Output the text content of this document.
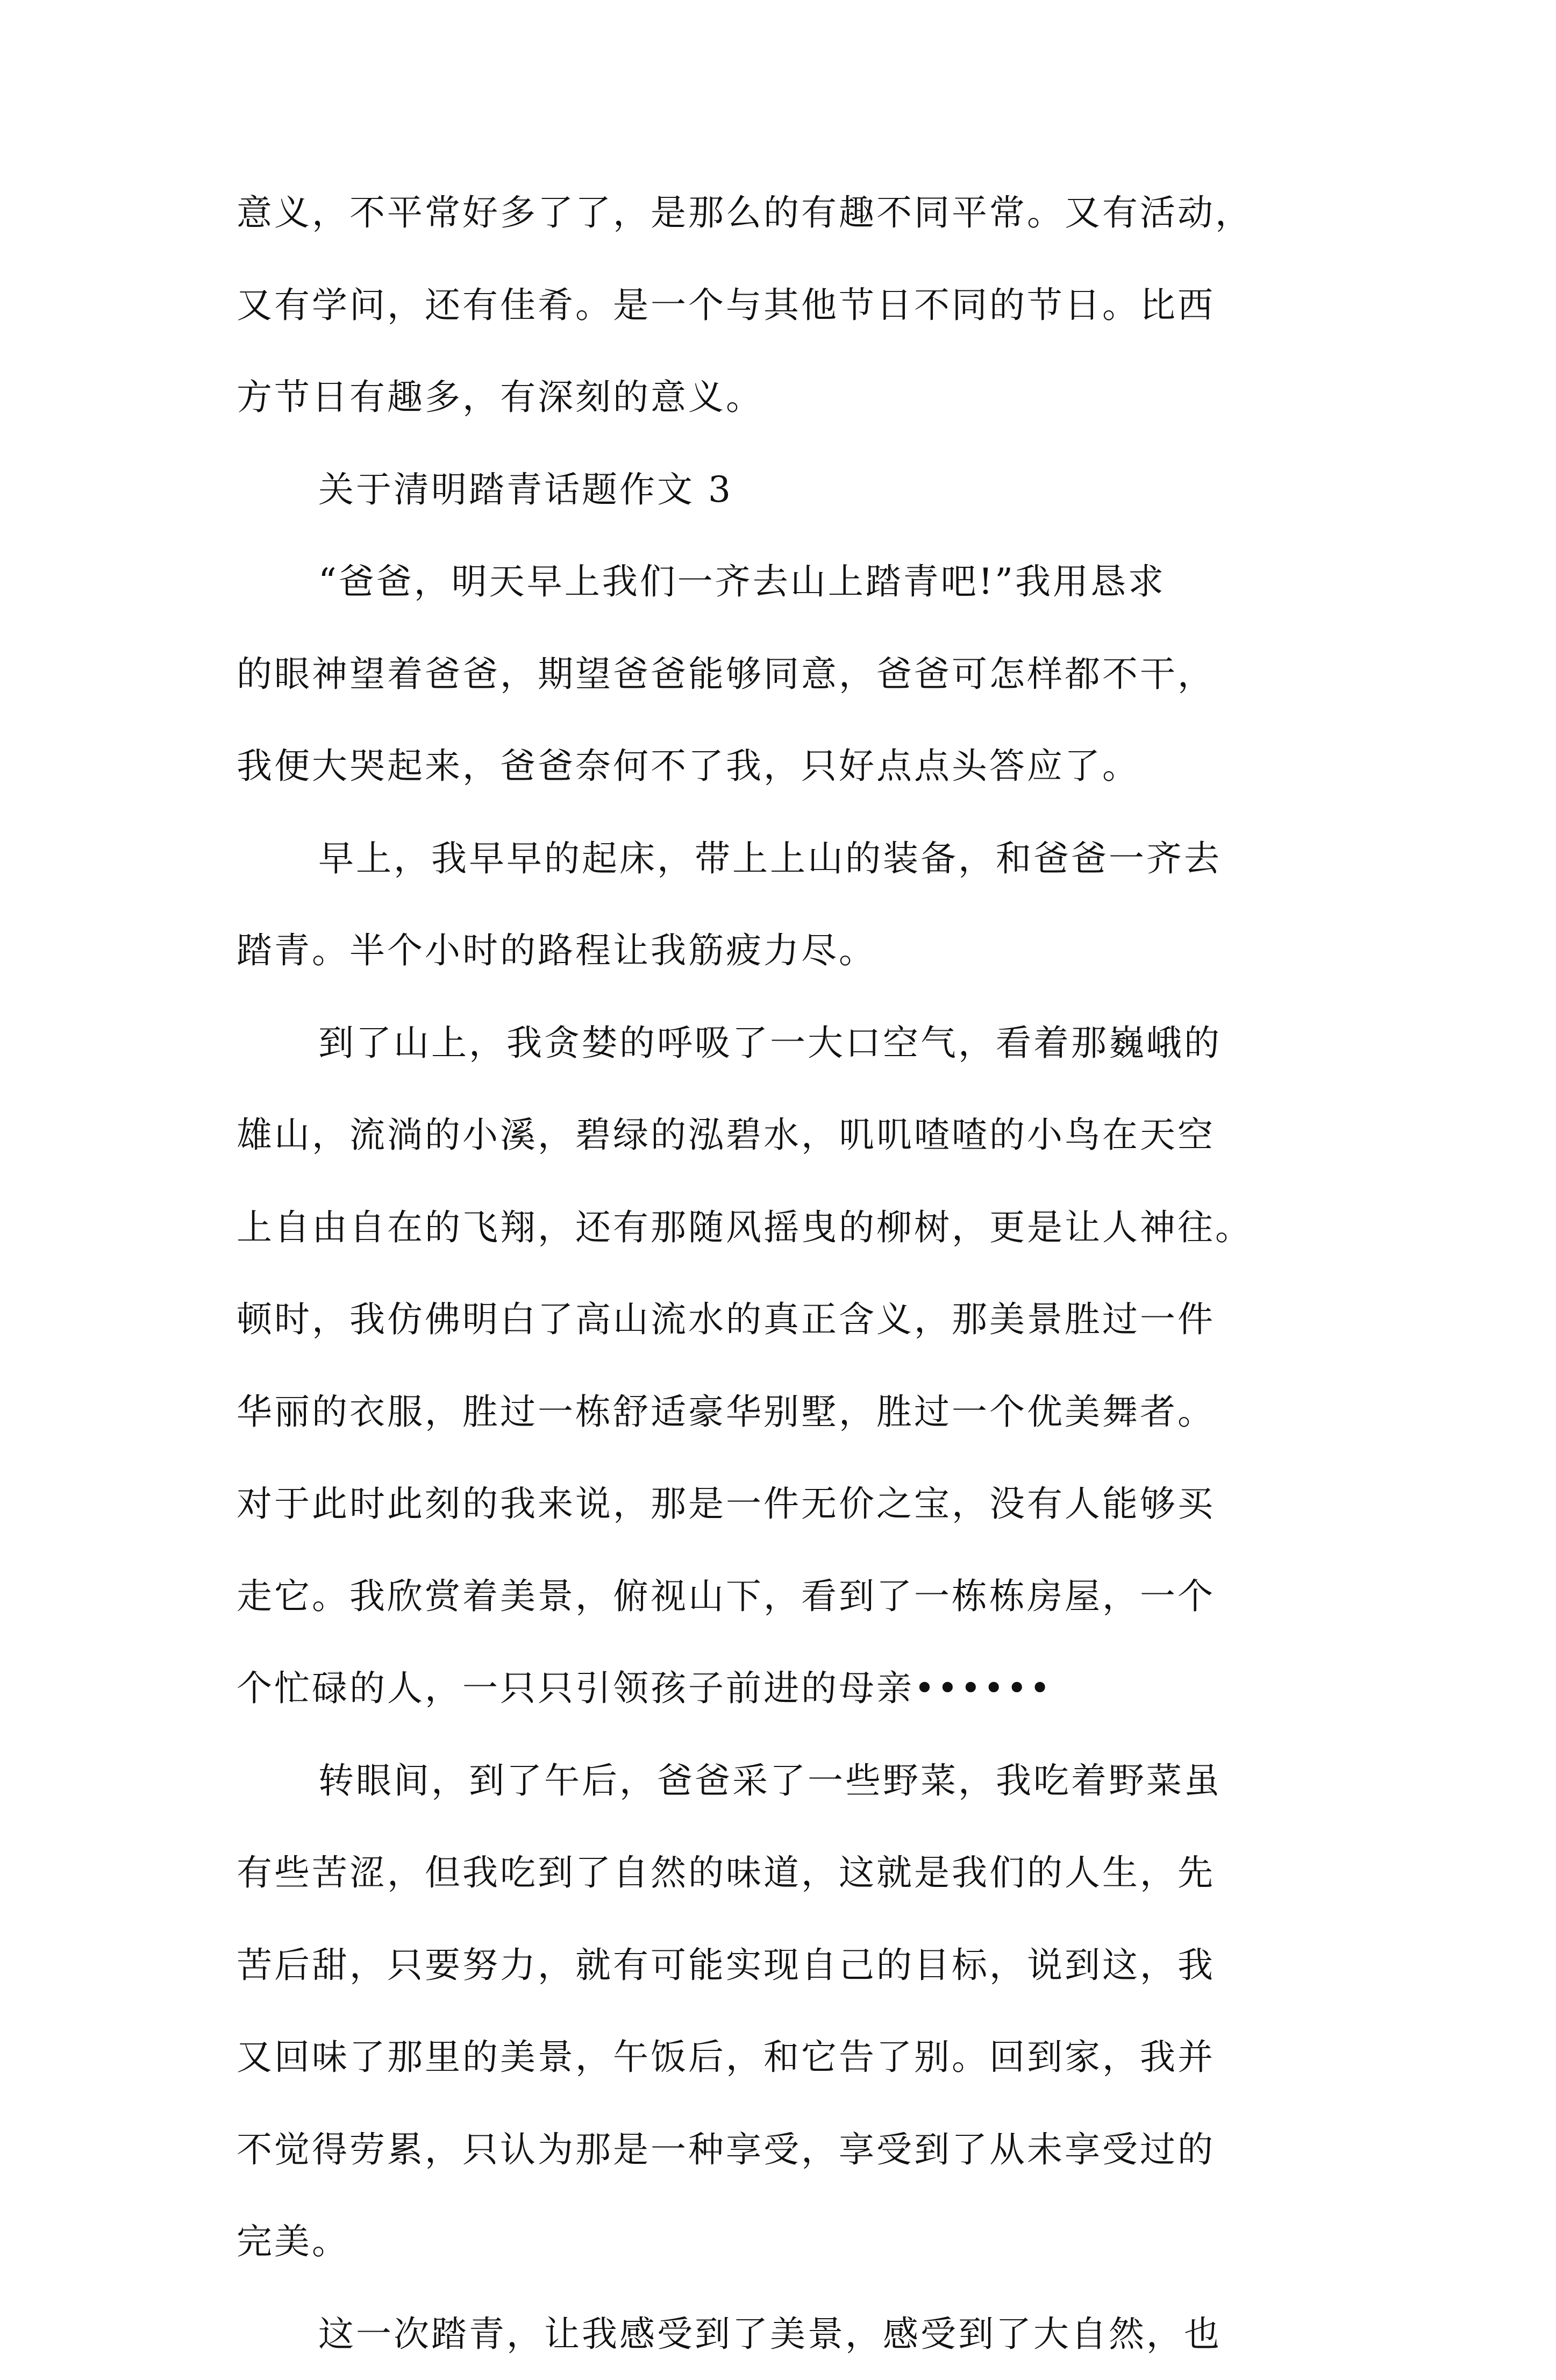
意义，不平常好多了了，是那么的有趣不同平常。又有活动，
又有学问，还有佳肴。是一个与其他节日不同的节日。比西
方节日有趣多，有深刻的意义。
关于清明踏青话题作文 3
“爸爸，明天早上我们一齐去山上踏青吧!”我用恳求
的眼神望着爸爸，期望爸爸能够同意，爸爸可怎样都不干，
我便大哭起来，爸爸奈何不了我，只好点点头答应了。
早上，我早早的起床，带上上山的装备，和爸爸一齐去
踏青。半个小时的路程让我筋疲力尽。
到了山上，我贪婪的呼吸了一大口空气，看着那巍峨的
雄山，流淌的小溪，碧绿的泓碧水，叽叽喳喳的小鸟在天空
上自由自在的飞翔，还有那随风摇曳的柳树，更是让人神往。
顿时，我仿佛明白了高山流水的真正含义，那美景胜过一件
华丽的衣服，胜过一栋舒适豪华别墅，胜过一个优美舞者。
对于此时此刻的我来说，那是一件无价之宝，没有人能够买
走它。我欣赏着美景，俯视山下，看到了一栋栋房屋，一个
个忙碌的人，一只只引领孩子前进的母亲••••••
转眼间，到了午后，爸爸采了一些野菜，我吃着野菜虽
有些苦涩，但我吃到了自然的味道，这就是我们的人生，先
苦后甜，只要努力，就有可能实现自己的目标，说到这，我
又回味了那里的美景，午饭后，和它告了别。回到家，我并
不觉得劳累，只认为那是一种享受，享受到了从未享受过的
完美。
这一次踏青，让我感受到了美景，感受到了大自然，也
